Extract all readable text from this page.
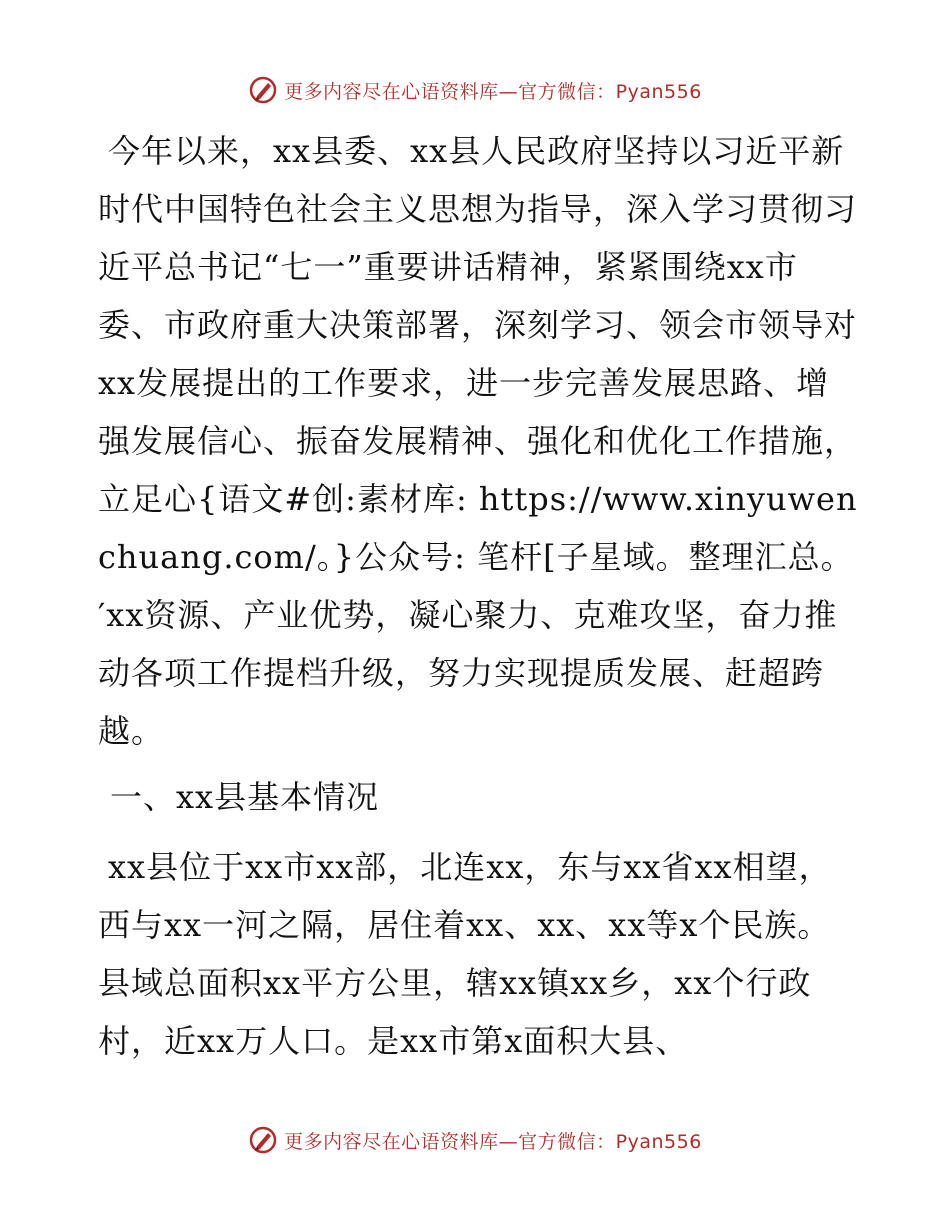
更多内容尽在心语资料库—官方微信：Pyan556

今年以来，xx县委、xx县人民政府坚持以习近平新时代中国特色社会主义思想为指导，深入学习贯彻习近平总书记“七一”重要讲话精神，紧紧围绕xx市委、市政府重大决策部署，深刻学习、领会市领导对xx发展提出的工作要求，进一步完善发展思路、增强发展信心、振奋发展精神、强化和优化工作措施，立足心{语文#创:素材库: https://www.xinyuwenchuang.com/。}公众号: 笔杆[子星域。整理汇总。′xx资源、产业优势，凝心聚力、克难攻坚，奋力推动各项工作提档升级，努力实现提质发展、赶超跨越。

一、xx县基本情况

xx县位于xx市xx部，北连xx，东与xx省xx相望，西与xx一河之隔，居住着xx、xx、xx等x个民族。县域总面积xx平方公里，辖xx镇xx乡，xx个行政村，近xx万人口。是xx市第x面积大县、

更多内容尽在心语资料库—官方微信：Pyan556
